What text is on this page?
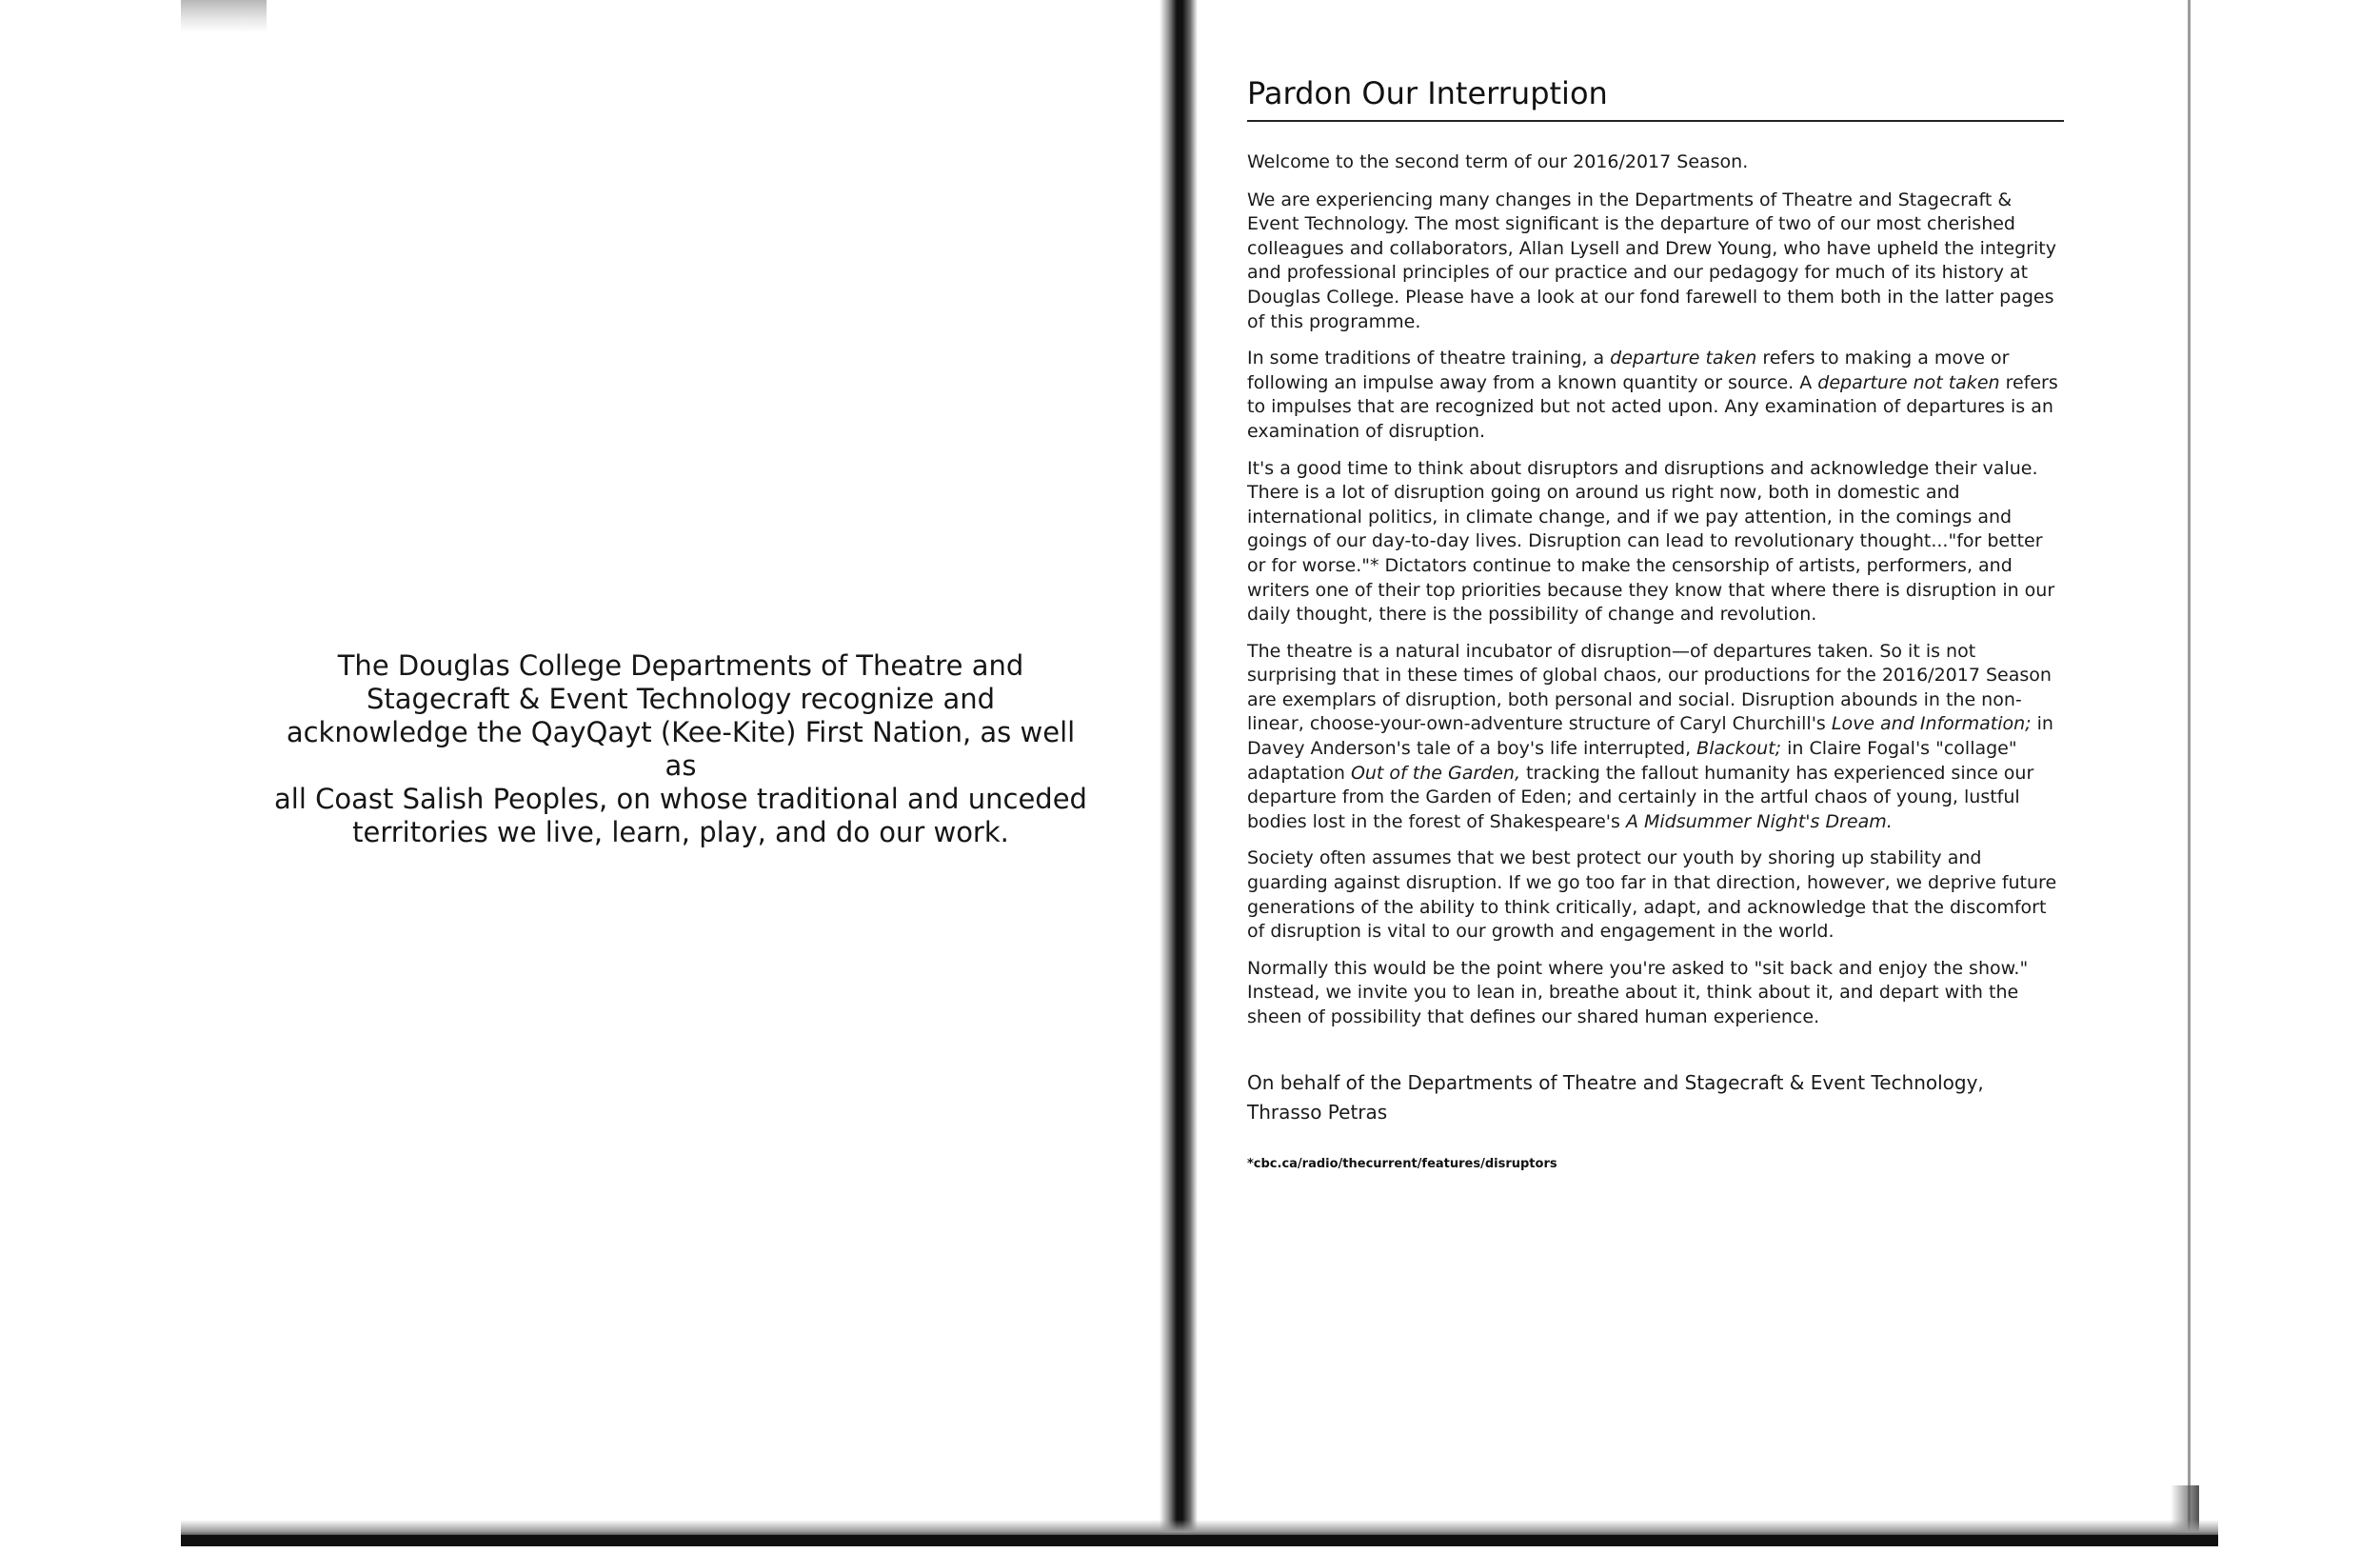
The Douglas College Departments of Theatre and
Stagecraft & Event Technology recognize and
acknowledge the QayQayt (Kee-Kite) First Nation, as well as
all Coast Salish Peoples, on whose traditional and unceded
territories we live, learn, play, and do our work.

Pardon Our Interruption

Welcome to the second term of our 2016/2017 Season.

We are experiencing many changes in the Departments of Theatre and Stagecraft & Event Technology. The most significant is the departure of two of our most cherished colleagues and collaborators, Allan Lysell and Drew Young, who have upheld the integrity and professional principles of our practice and our pedagogy for much of its history at Douglas College. Please have a look at our fond farewell to them both in the latter pages of this programme.

In some traditions of theatre training, a departure taken refers to making a move or following an impulse away from a known quantity or source. A departure not taken refers to impulses that are recognized but not acted upon. Any examination of departures is an examination of disruption.

It's a good time to think about disruptors and disruptions and acknowledge their value. There is a lot of disruption going on around us right now, both in domestic and international politics, in climate change, and if we pay attention, in the comings and goings of our day-to-day lives. Disruption can lead to revolutionary thought..."for better or for worse."* Dictators continue to make the censorship of artists, performers, and writers one of their top priorities because they know that where there is disruption in our daily thought, there is the possibility of change and revolution.

The theatre is a natural incubator of disruption—of departures taken. So it is not surprising that in these times of global chaos, our productions for the 2016/2017 Season are exemplars of disruption, both personal and social. Disruption abounds in the non-linear, choose-your-own-adventure structure of Caryl Churchill's Love and Information; in Davey Anderson's tale of a boy's life interrupted, Blackout; in Claire Fogal's "collage" adaptation Out of the Garden, tracking the fallout humanity has experienced since our departure from the Garden of Eden; and certainly in the artful chaos of young, lustful bodies lost in the forest of Shakespeare's A Midsummer Night's Dream.

Society often assumes that we best protect our youth by shoring up stability and guarding against disruption. If we go too far in that direction, however, we deprive future generations of the ability to think critically, adapt, and acknowledge that the discomfort of disruption is vital to our growth and engagement in the world.

Normally this would be the point where you're asked to "sit back and enjoy the show." Instead, we invite you to lean in, breathe about it, think about it, and depart with the sheen of possibility that defines our shared human experience.

On behalf of the Departments of Theatre and Stagecraft & Event Technology,
Thrasso Petras
*cbc.ca/radio/thecurrent/features/disruptors
